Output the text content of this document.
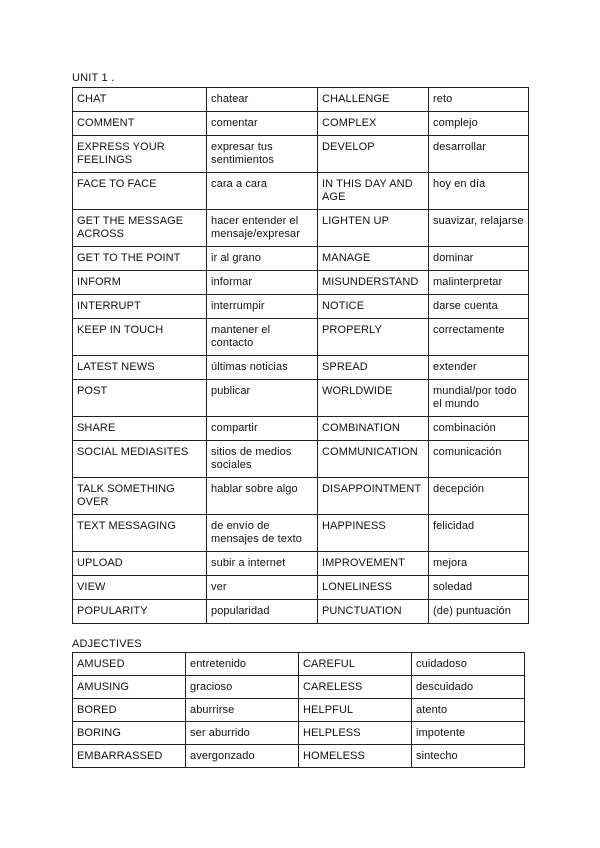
UNIT 1 .
CHAT	chatear	CHALLENGE	reto
COMMENT	comentar	COMPLEX	complejo
EXPRESS YOUR FEELINGS	expresar tus sentimientos	DEVELOP	desarrollar
FACE TO FACE	cara a cara	IN THIS DAY AND AGE	hoy en día
GET THE MESSAGE ACROSS	hacer entender el mensaje/expresar	LIGHTEN UP	suavizar, relajarse
GET TO THE POINT	ir al grano	MANAGE	dominar
INFORM	informar	MISUNDERSTAND	malinterpretar
INTERRUPT	interrumpir	NOTICE	darse cuenta
KEEP IN TOUCH	mantener el contacto	PROPERLY	correctamente
LATEST NEWS	últimas noticias	SPREAD	extender
POST	publicar	WORLDWIDE	mundial/por todo el mundo
SHARE	compartir	COMBINATION	combinación
SOCIAL MEDIASITES	sitios de medios sociales	COMMUNICATION	comunicación
TALK SOMETHING OVER	hablar sobre algo	DISAPPOINTMENT	decepción
TEXT MESSAGING	de envío de mensajes de texto	HAPPINESS	felicidad
UPLOAD	subir a internet	IMPROVEMENT	mejora
VIEW	ver	LONELINESS	soledad
POPULARITY	popularidad	PUNCTUATION	(de) puntuación
ADJECTIVES
AMUSED	entretenido	CAREFUL	cuidadoso
AMUSING	gracioso	CARELESS	descuidado
BORED	aburrirse	HELPFUL	atento
BORING	ser aburrido	HELPLESS	impotente
EMBARRASSED	avergonzado	HOMELESS	sintecho
